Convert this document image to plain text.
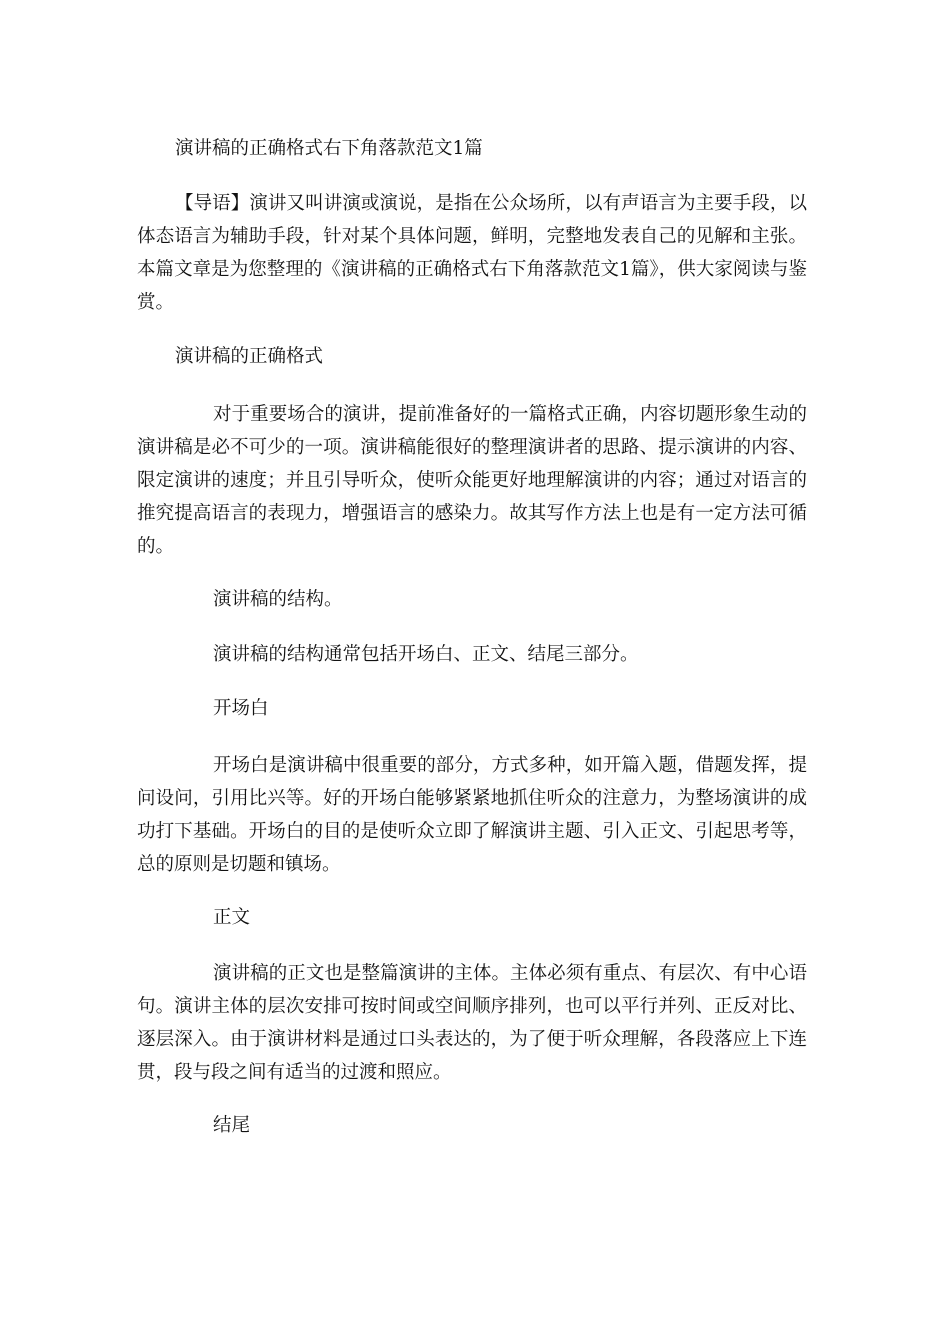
演讲稿的正确格式右下角落款范文1篇

【导语】演讲又叫讲演或演说，是指在公众场所，以有声语言为主要手段，以体态语言为辅助手段，针对某个具体问题，鲜明，完整地发表自己的见解和主张。本篇文章是为您整理的《演讲稿的正确格式右下角落款范文1篇》，供大家阅读与鉴赏。

演讲稿的正确格式

对于重要场合的演讲，提前准备好的一篇格式正确，内容切题形象生动的演讲稿是必不可少的一项。演讲稿能很好的整理演讲者的思路、提示演讲的内容、限定演讲的速度；并且引导听众，使听众能更好地理解演讲的内容；通过对语言的推究提高语言的表现力，增强语言的感染力。故其写作方法上也是有一定方法可循的。

演讲稿的结构。

演讲稿的结构通常包括开场白、正文、结尾三部分。

开场白

开场白是演讲稿中很重要的部分，方式多种，如开篇入题，借题发挥，提问设问，引用比兴等。好的开场白能够紧紧地抓住听众的注意力，为整场演讲的成功打下基础。开场白的目的是使听众立即了解演讲主题、引入正文、引起思考等，总的原则是切题和镇场。

正文

演讲稿的正文也是整篇演讲的主体。主体必须有重点、有层次、有中心语句。演讲主体的层次安排可按时间或空间顺序排列，也可以平行并列、正反对比、逐层深入。由于演讲材料是通过口头表达的，为了便于听众理解，各段落应上下连贯，段与段之间有适当的过渡和照应。

结尾
